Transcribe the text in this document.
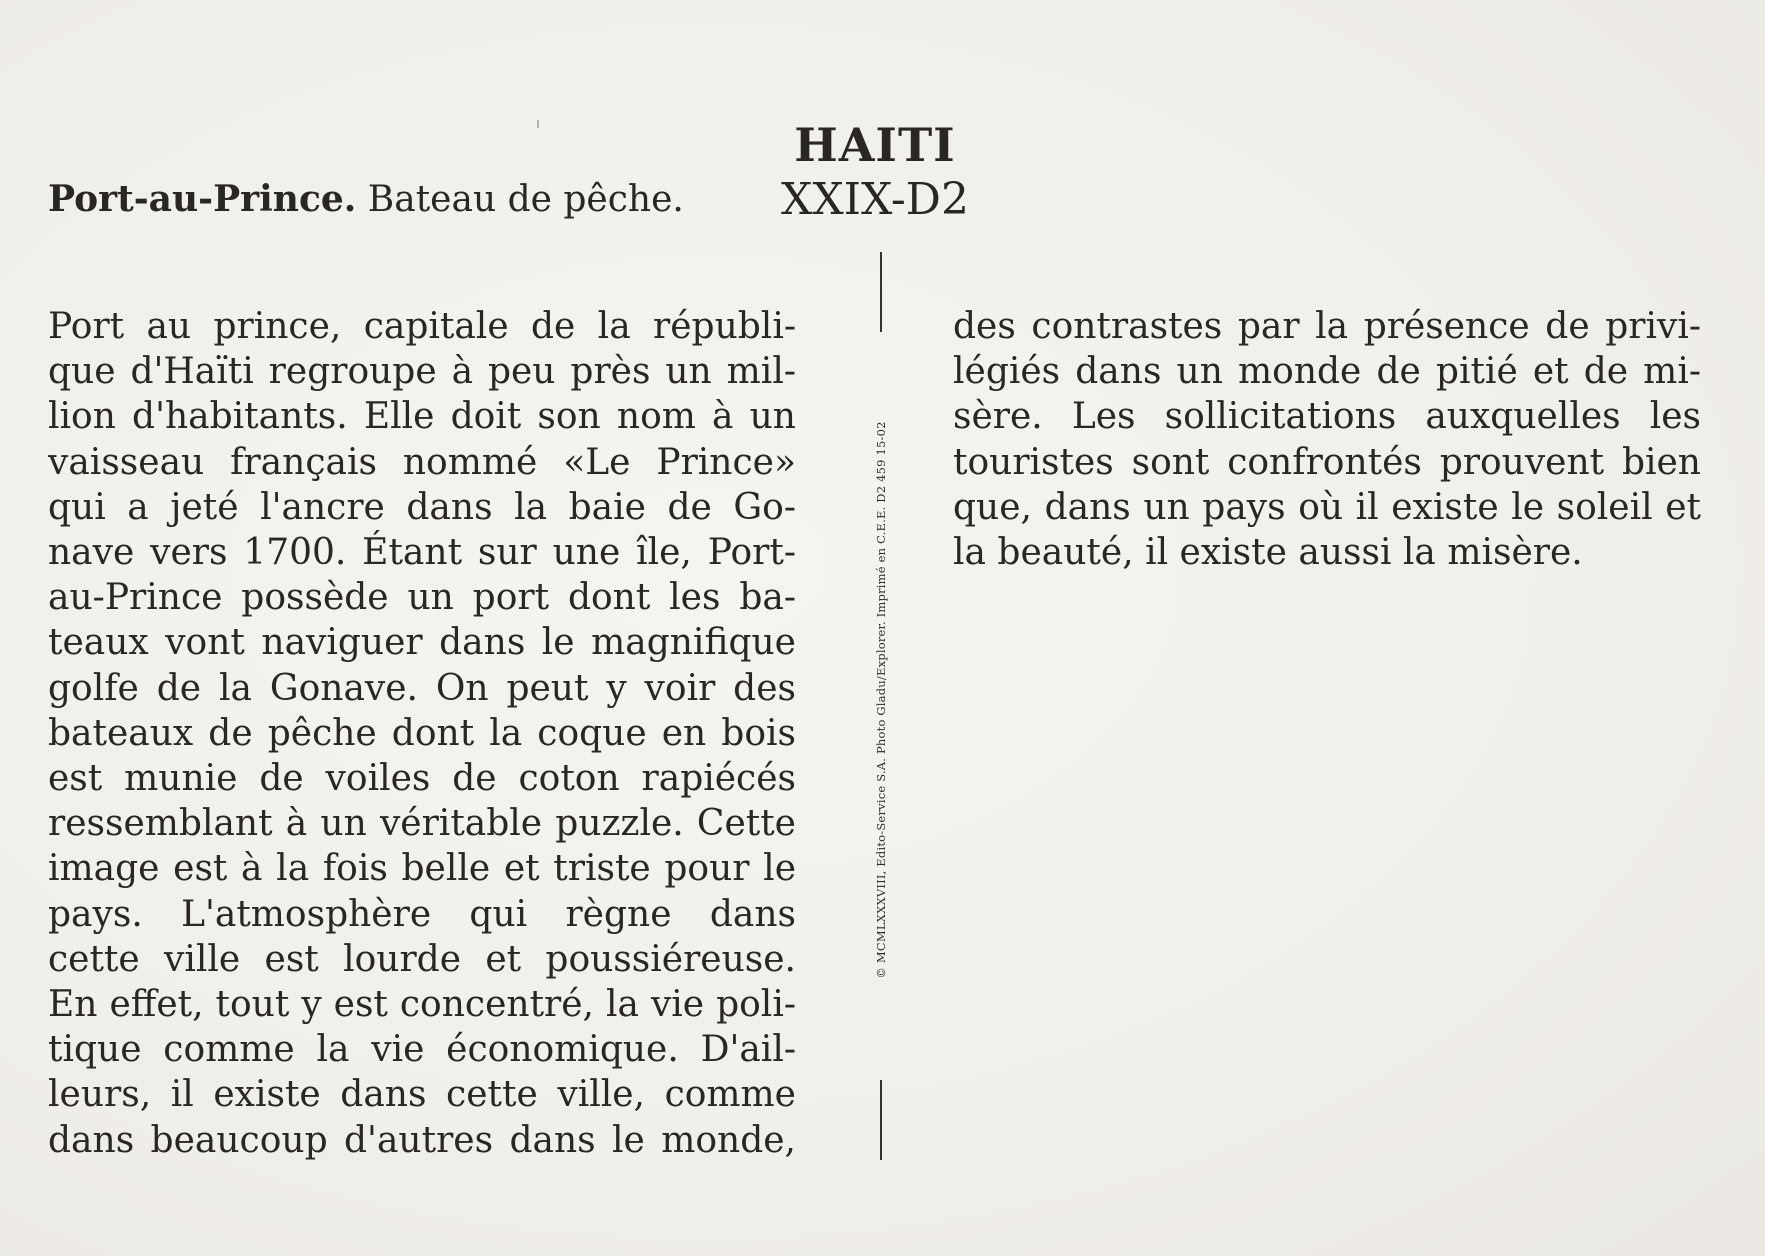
HAITI
XXIX-D2
Port-au-Prince. Bateau de pêche.
Port au prince, capitale de la républi-
que d'Haïti regroupe à peu près un mil-
lion d'habitants. Elle doit son nom à un
vaisseau français nommé «Le Prince»
qui a jeté l'ancre dans la baie de Go-
nave vers 1700. Étant sur une île, Port-
au-Prince possède un port dont les ba-
teaux vont naviguer dans le magnifique
golfe de la Gonave. On peut y voir des
bateaux de pêche dont la coque en bois
est munie de voiles de coton rapiécés
ressemblant à un véritable puzzle. Cette
image est à la fois belle et triste pour le
pays. L'atmosphère qui règne dans
cette ville est lourde et poussiéreuse.
En effet, tout y est concentré, la vie poli-
tique comme la vie économique. D'ail-
leurs, il existe dans cette ville, comme
dans beaucoup d'autres dans le monde,
© MCMLXXXVIII, Edito-Service S.A. Photo Gladu/Explorer. Imprimé en C.E.E. D2 459 15-02
des contrastes par la présence de privi-
légiés dans un monde de pitié et de mi-
sère. Les sollicitations auxquelles les
touristes sont confrontés prouvent bien
que, dans un pays où il existe le soleil et
la beauté, il existe aussi la misère.
